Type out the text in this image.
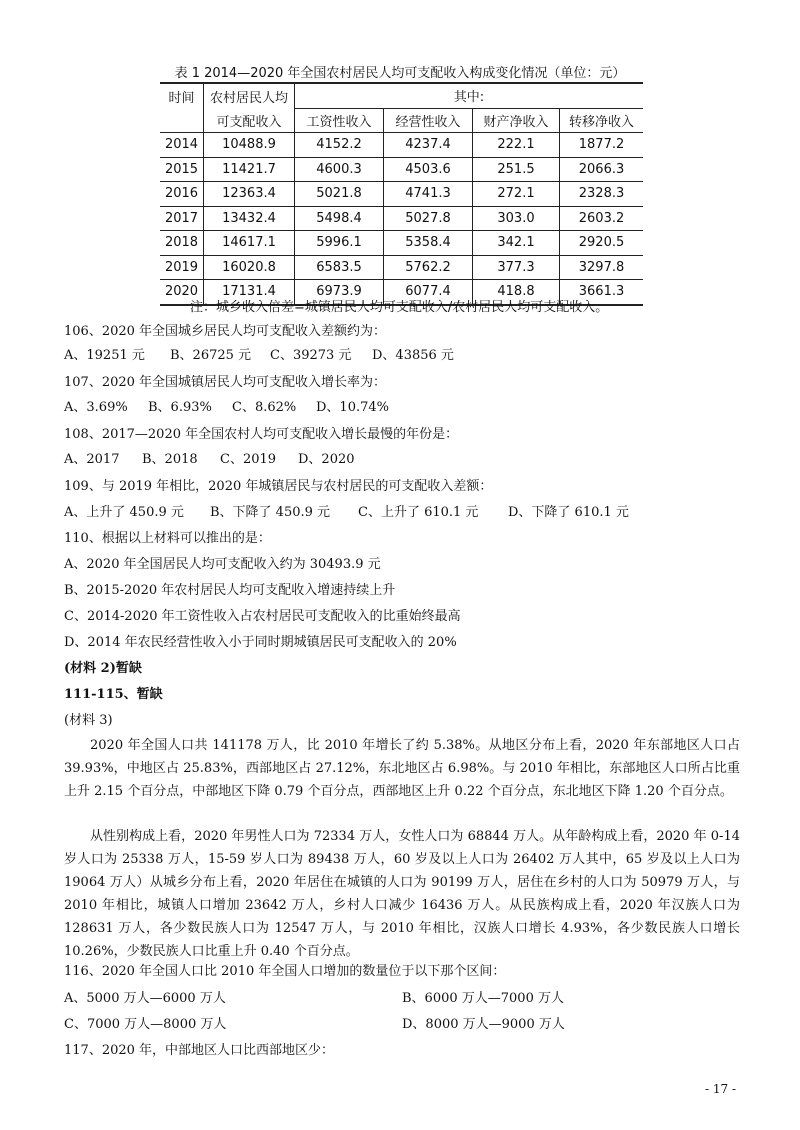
表 1 2014—2020 年全国农村居民人均可支配收入构成变化情况（单位：元）
时间	农村居民人均	其中:			
	可支配收入	工资性收入	经营性收入	财产净收入	转移净收入
2014	10488.9	4152.2	4237.4	222.1	1877.2
2015	11421.7	4600.3	4503.6	251.5	2066.3
2016	12363.4	5021.8	4741.3	272.1	2328.3
2017	13432.4	5498.4	5027.8	303.0	2603.2
2018	14617.1	5996.1	5358.4	342.1	2920.5
2019	16020.8	6583.5	5762.2	377.3	3297.8
2020	17131.4	6973.9	6077.4	418.8	3661.3
注：城乡收入倍差=城镇居民人均可支配收入/农村居民人均可支配收入。
106、2020 年全国城乡居民人均可支配收入差额约为：
A、19251 元 B、26725 元 C、39273 元 D、43856 元
107、2020 年全国城镇居民人均可支配收入增长率为：
A、3.69% B、6.93% C、8.62% D、10.74%
108、2017—2020 年全国农村人均可支配收入增长最慢的年份是：
A、2017 B、2018 C、2019 D、2020
109、与 2019 年相比，2020 年城镇居民与农村居民的可支配收入差额：
A、上升了 450.9 元 B、下降了 450.9 元 C、上升了 610.1 元 D、下降了 610.1 元
110、根据以上材料可以推出的是：
A、2020 年全国居民人均可支配收入约为 30493.9 元
B、2015-2020 年农村居民人均可支配收入增速持续上升
C、2014-2020 年工资性收入占农村居民可支配收入的比重始终最高
D、2014 年农民经营性收入小于同时期城镇居民可支配收入的 20%
(材料 2)暂缺
111-115、暂缺
(材料 3)
2020 年全国人口共 141178 万人，比 2010 年增长了约 5.38%。从地区分布上看，2020 年东部地区人口占 39.93%，中地区占 25.83%，西部地区占 27.12%，东北地区占 6.98%。与 2010 年相比，东部地区人口所占比重上升 2.15 个百分点，中部地区下降 0.79 个百分点，西部地区上升 0.22 个百分点，东北地区下降 1.20 个百分点。
从性别构成上看，2020 年男性人口为 72334 万人，女性人口为 68844 万人。从年龄构成上看，2020 年 0-14 岁人口为 25338 万人，15-59 岁人口为 89438 万人，60 岁及以上人口为 26402 万人其中，65 岁及以上人口为 19064 万人）从城乡分布上看，2020 年居住在城镇的人口为 90199 万人，居住在乡村的人口为 50979 万人，与 2010 年相比，城镇人口增加 23642 万人，乡村人口减少 16436 万人。从民族构成上看，2020 年汉族人口为 128631 万人，各少数民族人口为 12547 万人，与 2010 年相比，汉族人口增长 4.93%，各少数民族人口增长 10.26%，少数民族人口比重上升 0.40 个百分点。
116、2020 年全国人口比 2010 年全国人口增加的数量位于以下那个区间：
A、5000 万人—6000 万人	B、6000 万人—7000 万人
C、7000 万人—8000 万人	D、8000 万人—9000 万人
117、2020 年，中部地区人口比西部地区少：
- 17 -
